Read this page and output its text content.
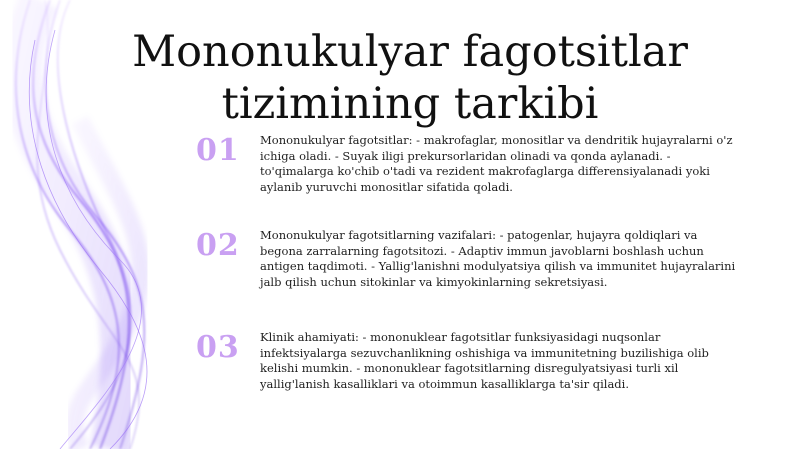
Mononukulyar fagotsitlar tizimining tarkibi
01	Mononukulyar fagotsitlar: - makrofaglar, monositlar va dendritik hujayralarni o'z ichiga oladi. - Suyak iligi prekursorlaridan olinadi va qonda aylanadi. - to'qimalarga ko'chib o'tadi va rezident makrofaglarga differensiyalanadi yoki aylanib yuruvchi monositlar sifatida qoladi.

02	Mononukulyar fagotsitlarning vazifalari: - patogenlar, hujayra qoldiqlari va begona zarralarning fagotsitozi. - Adaptiv immun javoblarni boshlash uchun antigen taqdimoti. - Yallig'lanishni modulyatsiya qilish va immunitet hujayralarini jalb qilish uchun sitokinlar va kimyokinlarning sekretsiyasi.

03	Klinik ahamiyati: - mononuklear fagotsitlar funksiyasidagi nuqsonlar infektsiyalarga sezuvchanlikning oshishiga va immunitetning buzilishiga olib kelishi mumkin. - mononuklear fagotsitlarning disregulyatsiyasi turli xil yallig'lanish kasalliklari va otoimmun kasalliklarga ta'sir qiladi.
